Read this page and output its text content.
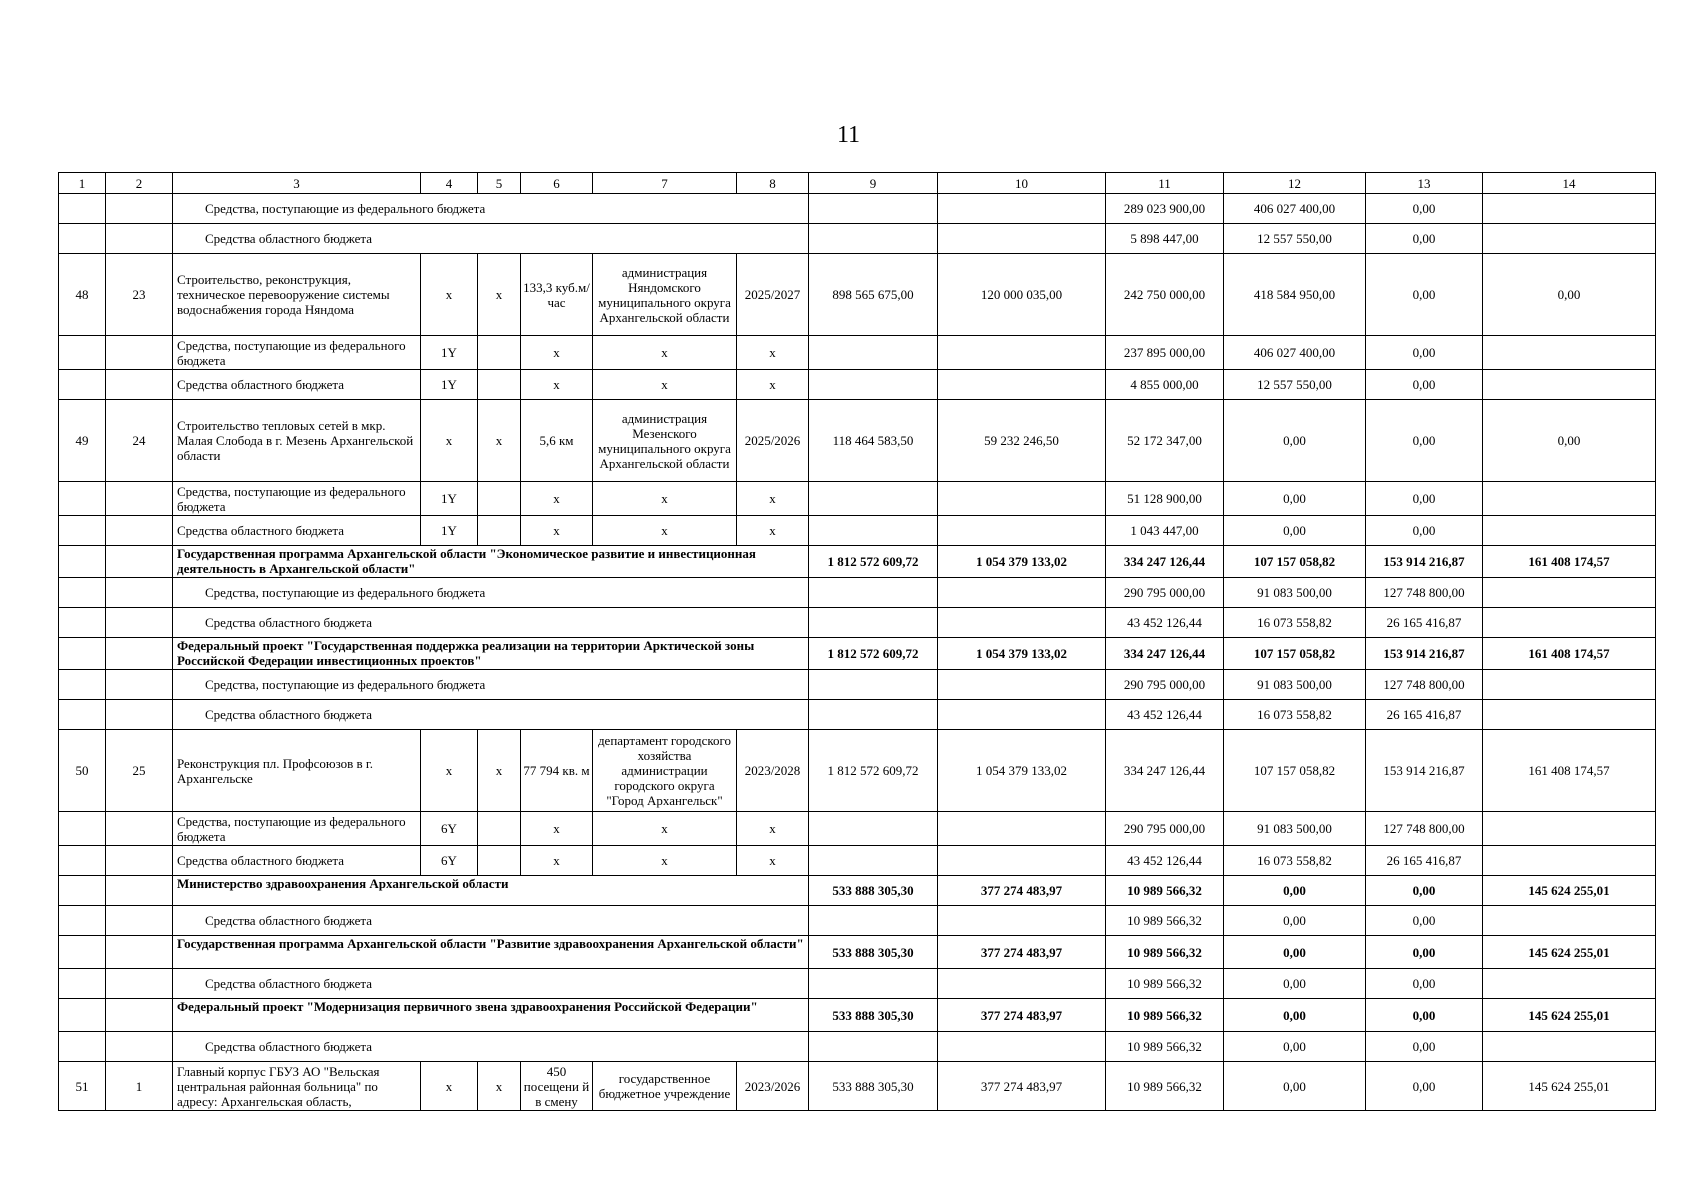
11
1	2	3	4	5	6	7	8	9	10	11	12	13	14
		Средства, поступающие из федерального бюджета								289 023 900,00	406 027 400,00	0,00	
		Средства областного бюджета								5 898 447,00	12 557 550,00	0,00	
48	23	Строительство, реконструкция, техническое перевооружение системы водоснабжения города Няндома	х	х	133,3 куб.м/час	администрация Няндомского муниципального округа Архангельской области	2025/2027	898 565 675,00	120 000 035,00	242 750 000,00	418 584 950,00	0,00	0,00
		Средства, поступающие из федерального бюджета	1Y		х	х	х			237 895 000,00	406 027 400,00	0,00	
		Средства областного бюджета	1Y		х	х	х			4 855 000,00	12 557 550,00	0,00	
49	24	Строительство тепловых сетей в мкр. Малая Слобода в г. Мезень Архангельской области	х	х	5,6 км	администрация Мезенского муниципального округа Архангельской области	2025/2026	118 464 583,50	59 232 246,50	52 172 347,00	0,00	0,00	0,00
		Средства, поступающие из федерального бюджета	1Y		х	х	х			51 128 900,00	0,00	0,00	
		Средства областного бюджета	1Y		х	х	х			1 043 447,00	0,00	0,00	
		Государственная программа Архангельской области "Экономическое развитие и инвестиционная деятельность в Архангельской области"						1 812 572 609,72	1 054 379 133,02	334 247 126,44	107 157 058,82	153 914 216,87	161 408 174,57
		Средства, поступающие из федерального бюджета								290 795 000,00	91 083 500,00	127 748 800,00	
		Средства областного бюджета								43 452 126,44	16 073 558,82	26 165 416,87	
		Федеральный проект "Государственная поддержка реализации на территории Арктической зоны Российской Федерации инвестиционных проектов"						1 812 572 609,72	1 054 379 133,02	334 247 126,44	107 157 058,82	153 914 216,87	161 408 174,57
		Средства, поступающие из федерального бюджета								290 795 000,00	91 083 500,00	127 748 800,00	
		Средства областного бюджета								43 452 126,44	16 073 558,82	26 165 416,87	
50	25	Реконструкция пл. Профсоюзов в г. Архангельске	х	х	77 794 кв. м	департамент городского хозяйства администрации городского округа "Город Архангельск"	2023/2028	1 812 572 609,72	1 054 379 133,02	334 247 126,44	107 157 058,82	153 914 216,87	161 408 174,57
		Средства, поступающие из федерального бюджета	6Y		х	х	х			290 795 000,00	91 083 500,00	127 748 800,00	
		Средства областного бюджета	6Y		х	х	х			43 452 126,44	16 073 558,82	26 165 416,87	
		Министерство здравоохранения Архангельской области						533 888 305,30	377 274 483,97	10 989 566,32	0,00	0,00	145 624 255,01
		Средства областного бюджета								10 989 566,32	0,00	0,00	
		Государственная программа Архангельской области "Развитие здравоохранения Архангельской области"						533 888 305,30	377 274 483,97	10 989 566,32	0,00	0,00	145 624 255,01
		Средства областного бюджета								10 989 566,32	0,00	0,00	
		Федеральный проект "Модернизация первичного звена здравоохранения Российской Федерации"						533 888 305,30	377 274 483,97	10 989 566,32	0,00	0,00	145 624 255,01
		Средства областного бюджета								10 989 566,32	0,00	0,00	
51	1	Главный корпус ГБУЗ АО "Вельская центральная районная больница" по адресу: Архангельская область,	х	х	450 посещени й в смену	государственное бюджетное учреждение	2023/2026	533 888 305,30	377 274 483,97	10 989 566,32	0,00	0,00	145 624 255,01
